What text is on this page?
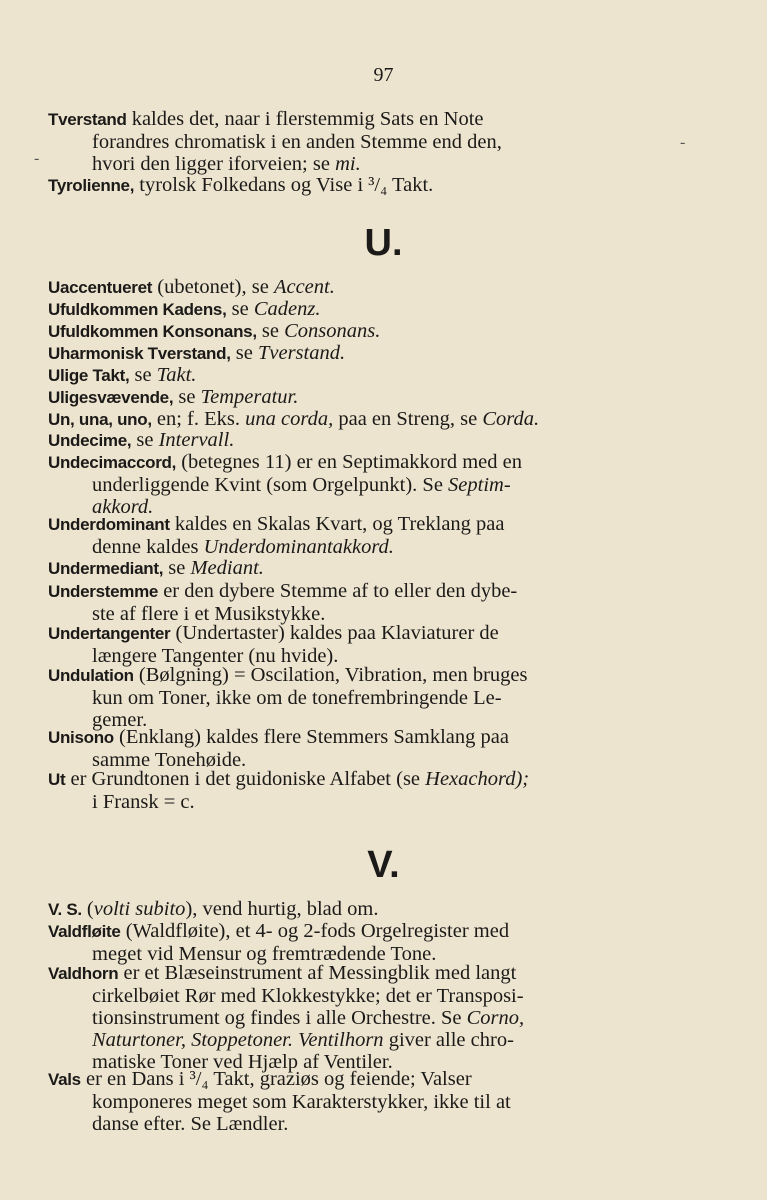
97
-
-
Tverstand kaldes det, naar i flerstemmig Sats en Note
forandres chromatisk i en anden Stemme end den,
hvori den ligger iforveien; se mi.
Tyrolienne, tyrolsk Folkedans og Vise i ³/₄ Takt.
U.
Uaccentueret (ubetonet), se Accent.
Ufuldkommen Kadens, se Cadenz.
Ufuldkommen Konsonans, se Consonans.
Uharmonisk Tverstand, se Tverstand.
Ulige Takt, se Takt.
Uligesvævende, se Temperatur.
Un, una, uno, en; f. Eks. una corda, paa en Streng, se Corda.
Undecime, se Intervall.
Undecimaccord, (betegnes 11) er en Septimakkord med en
underliggende Kvint (som Orgelpunkt). Se Septim-
akkord.
Underdominant kaldes en Skalas Kvart, og Treklang paa
denne kaldes Underdominantakkord.
Undermediant, se Mediant.
Understemme er den dybere Stemme af to eller den dybe-
ste af flere i et Musikstykke.
Undertangenter (Undertaster) kaldes paa Klaviaturer de
længere Tangenter (nu hvide).
Undulation (Bølgning) = Oscilation, Vibration, men bruges
kun om Toner, ikke om de tonefrembringende Le-
gemer.
Unisono (Enklang) kaldes flere Stemmers Samklang paa
samme Tonehøide.
Ut er Grundtonen i det guidoniske Alfabet (se Hexachord);
i Fransk = c.
V.
V. S. (volti subito), vend hurtig, blad om.
Valdfløite (Waldfløite), et 4- og 2-fods Orgelregister med
meget vid Mensur og fremtrædende Tone.
Valdhorn er et Blæseinstrument af Messingblik med langt
cirkelbøiet Rør med Klokkestykke; det er Transposi-
tionsinstrument og findes i alle Orchestre. Se Corno,
Naturtoner, Stoppetoner. Ventilhorn giver alle chro-
matiske Toner ved Hjælp af Ventiler.
Vals er en Dans i ³/₄ Takt, graziøs og feiende; Valser
komponeres meget som Karakterstykker, ikke til at
danse efter. Se Lændler.
